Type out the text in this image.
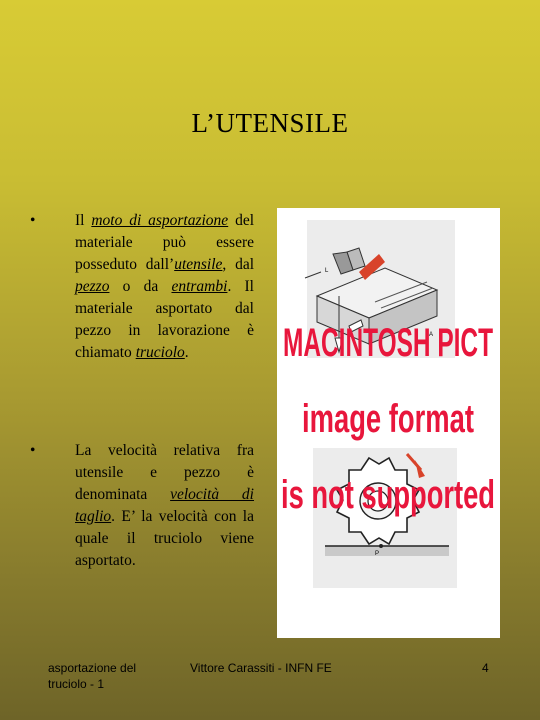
L’UTENSILE
•	Il moto di asportazione del materiale può essere posseduto dall’utensile, dal pezzo o da entrambi. Il materiale asportato dal pezzo in lavorazione è chiamato truciolo.
•	La velocità relativa fra utensile e pezzo è denominata velocità di taglio. E’ la velocità con la quale il truciolo viene asportato.
L
P	A
P
MACINTOSH PICT
image format
is not supported
asportazione del truciolo - 1
Vittore Carassiti - INFN FE	4
